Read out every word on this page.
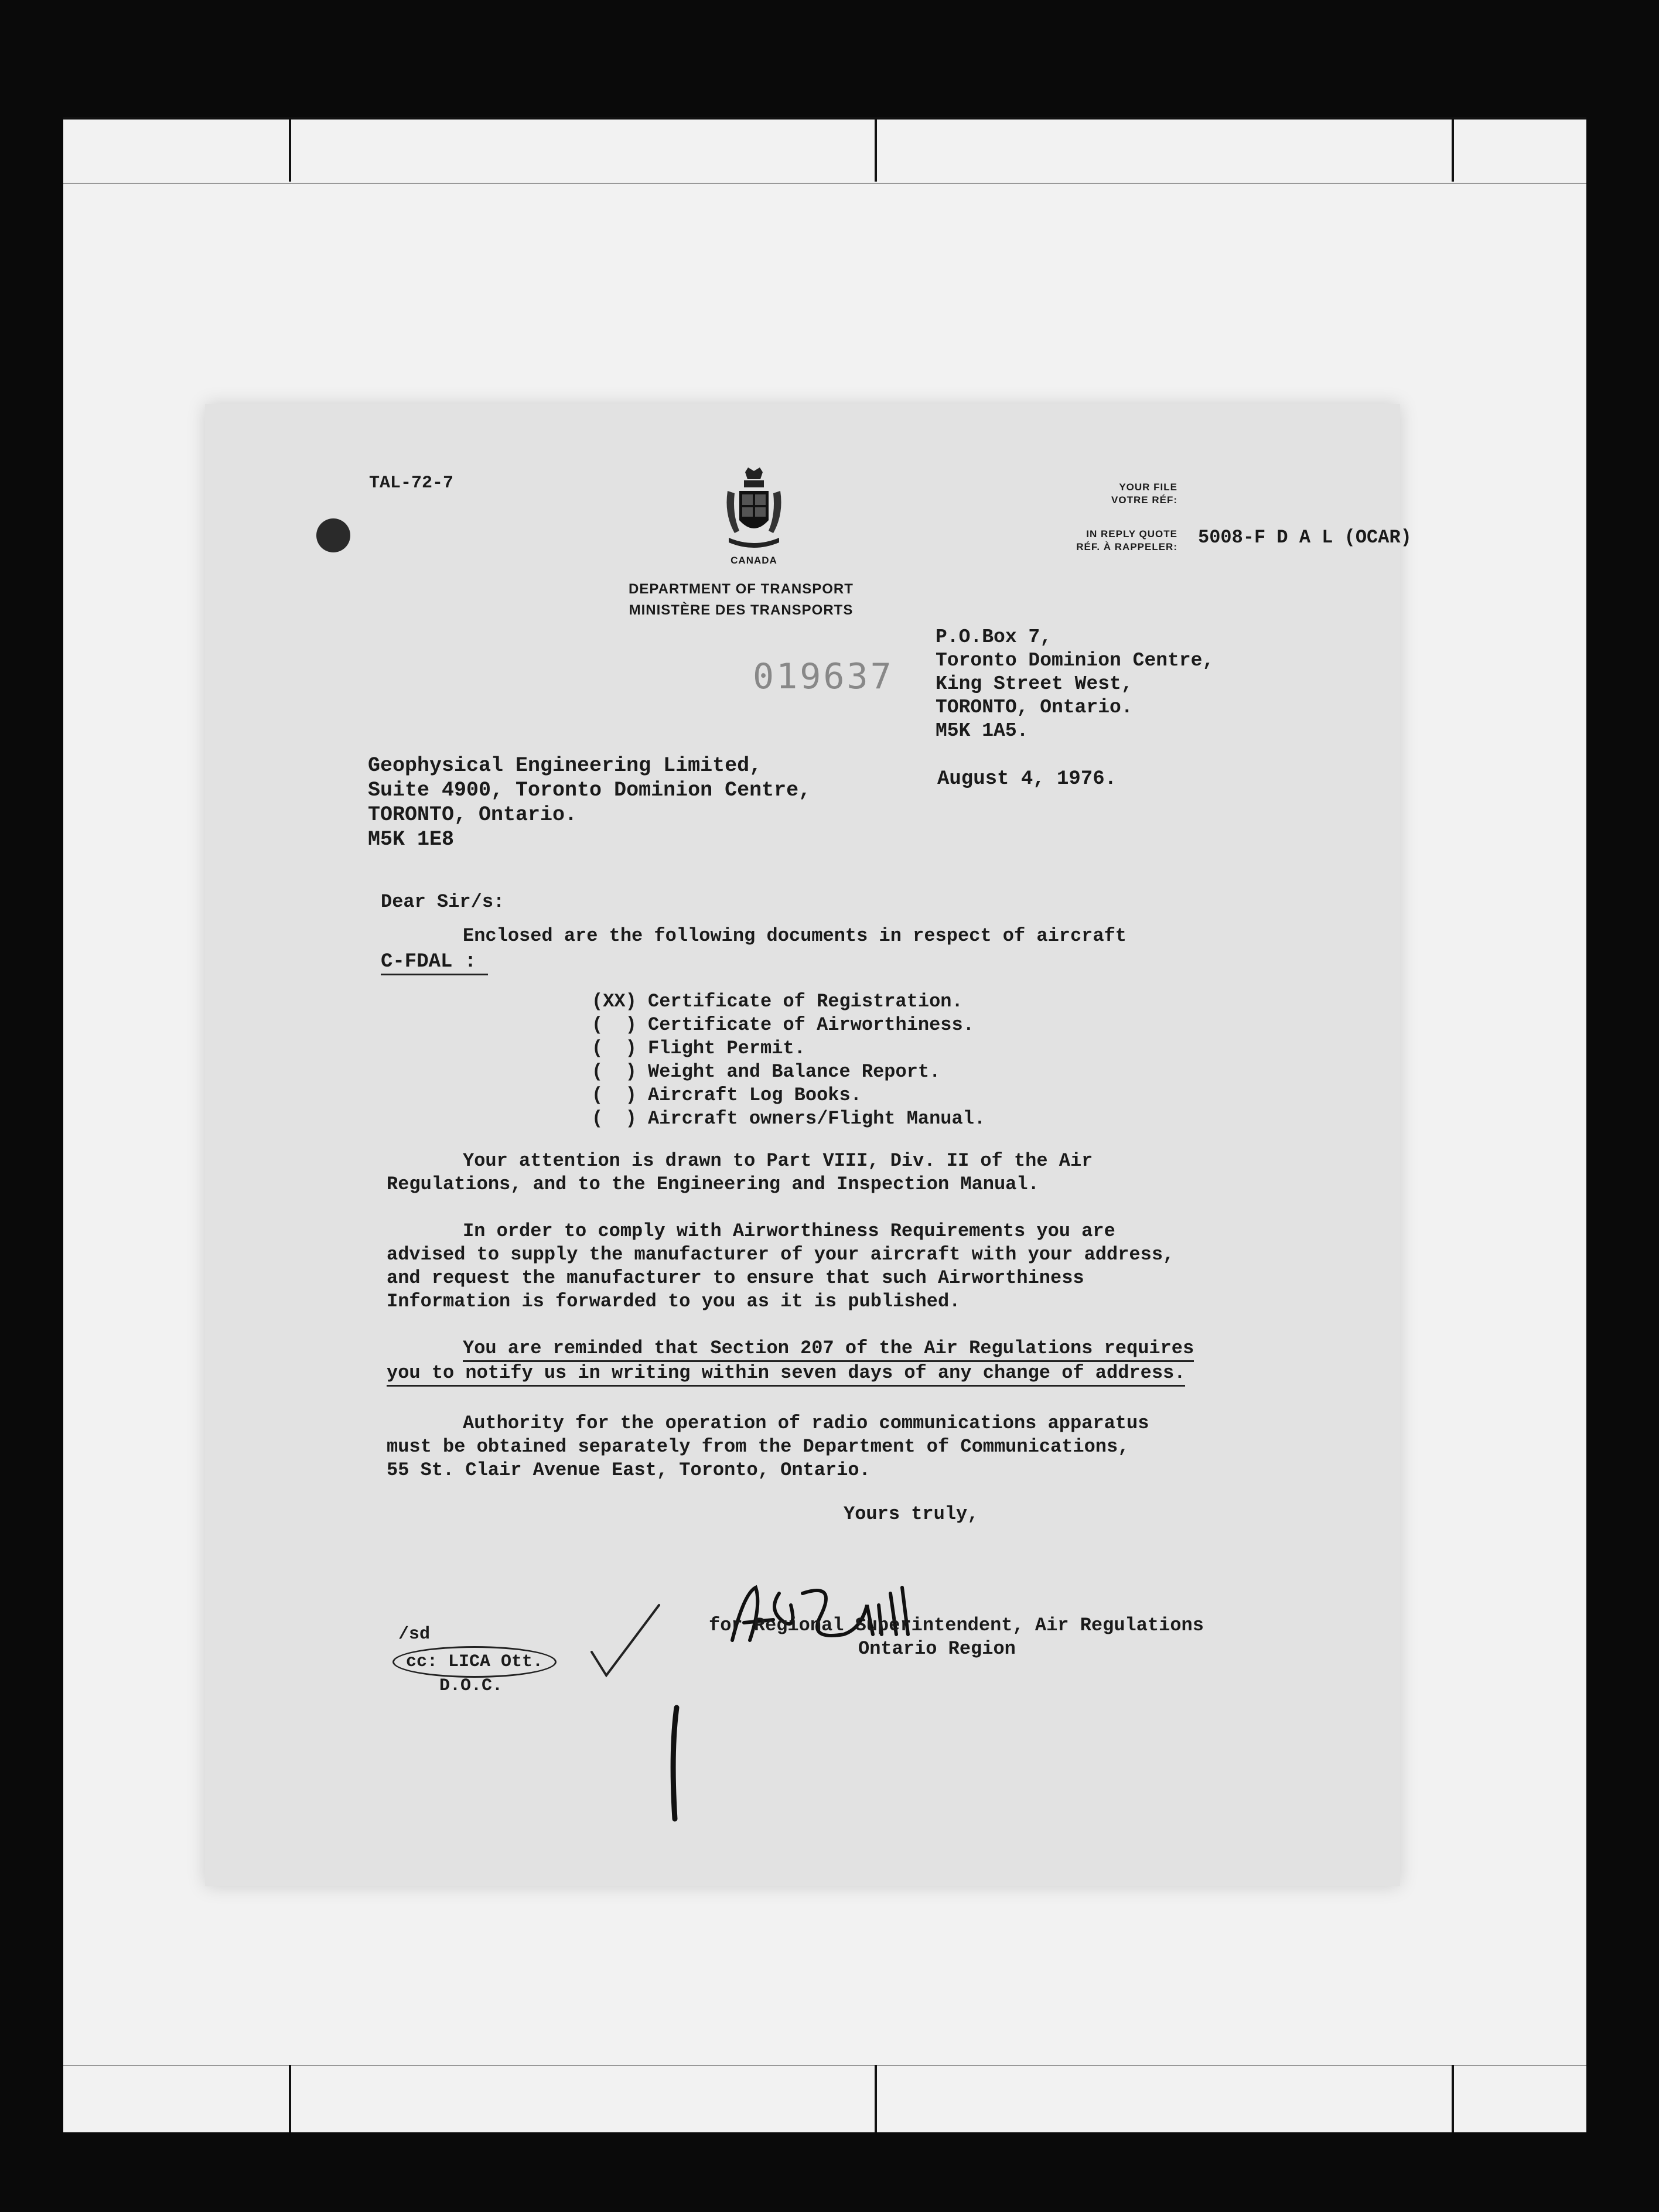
TAL-72-7
CANADA
DEPARTMENT OF TRANSPORT
MINISTÈRE DES TRANSPORTS
YOUR FILE
VOTRE RÉF:
IN REPLY QUOTE
RÉF. À RAPPELER: 5008-F D A L (OCAR)
019637
P.O.Box 7,
Toronto Dominion Centre,
King Street West,
TORONTO, Ontario.
M5K 1A5.
August 4, 1976.
Geophysical Engineering Limited,
Suite 4900, Toronto Dominion Centre,
TORONTO, Ontario.
M5K 1E8
Dear Sir/s:
Enclosed are the following documents in respect of aircraft
C-FDAL :
(XX) Certificate of Registration.
(  ) Certificate of Airworthiness.
(  ) Flight Permit.
(  ) Weight and Balance Report.
(  ) Aircraft Log Books.
(  ) Aircraft owners/Flight Manual.
Your attention is drawn to Part VIII, Div. II of the Air
Regulations, and to the Engineering and Inspection Manual.
In order to comply with Airworthiness Requirements you are
advised to supply the manufacturer of your aircraft with your address,
and request the manufacturer to ensure that such Airworthiness
Information is forwarded to you as it is published.
You are reminded that Section 207 of the Air Regulations requires
you to notify us in writing within seven days of any change of address.
Authority for the operation of radio communications apparatus
must be obtained separately from the Department of Communications,
55 St. Clair Avenue East, Toronto, Ontario.
Yours truly,
for Regional Superintendent, Air Regulations
Ontario Region
/sd
cc: LICA Ott.
D.O.C.
